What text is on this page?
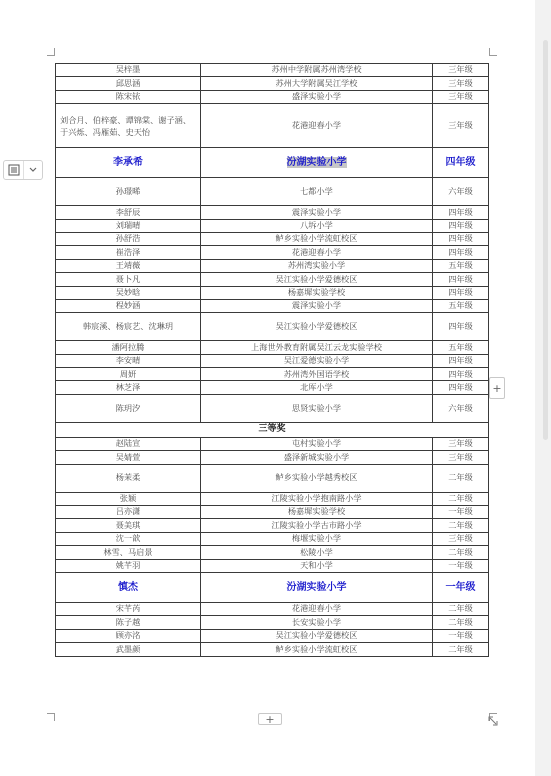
吴梓墨	苏州中学附属苏州湾学校	三年级
邱思涵	苏州大学附属吴江学校	三年级
陈宋铱	盛泽实验小学	三年级
刘合月、伯梓豪、谭锦棠、谢子涵、于兴烁、冯雁茹、史天怡	花港迎春小学	三年级
李承希	汾湖实验小学	四年级
孙璟晞	七都小学	六年级
李舒辰	震泽实验小学	四年级
刘瑞晴	八坼小学	四年级
孙舒浩	鲈乡实验小学流虹校区	四年级
崔浩泽	花港迎春小学	四年级
王靖薇	苏州湾实验小学	五年级
聂卜凡	吴江实验小学爱德校区	四年级
吴妙晗	杨嘉墀实验学校	四年级
程妙涵	震泽实验小学	五年级
韩宸溪、杨宸艺、沈琳玥	吴江实验小学爱德校区	四年级
潘阿拉腾	上海世外教育附属吴江云龙实验学校	五年级
李安晴	吴江爱德实验小学	四年级
周妍	苏州湾外国语学校	四年级
林芝泽	北厍小学	四年级
陈玥汐	思贤实验小学	六年级
三等奖		
赵陆宣	屯村实验小学	三年级
吴婧萱	盛泽新城实验小学	三年级
杨茉柔	鲈乡实验小学越秀校区	二年级
张颖	江陵实验小学抱南路小学	二年级
吕亦潇	杨嘉墀实验学校	一年级
聂美琪	江陵实验小学古市路小学	二年级
沈一歆	梅堰实验小学	三年级
林雪、马启景	松陵小学	二年级
姚芊羽	天和小学	一年级
慎杰	汾湖实验小学	一年级
宋芊芮	花港迎春小学	二年级
陈子越	长安实验小学	二年级
顾亦洺	吴江实验小学爱德校区	一年级
武墨颜	鲈乡实验小学流虹校区	二年级
+
+
